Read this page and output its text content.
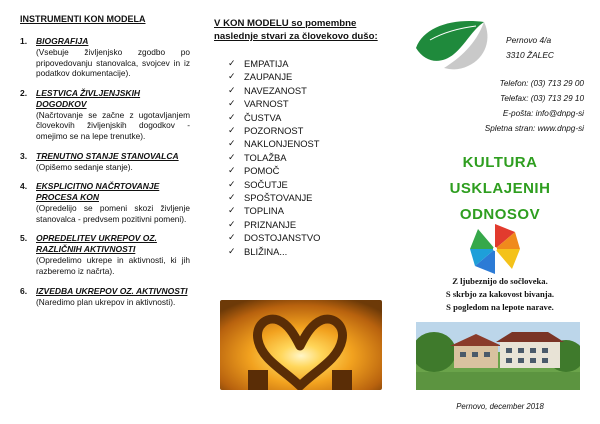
INSTRUMENTI KON MODELA
1.	BIOGRAFIJA
(Vsebuje življenjsko zgodbo po pripovedovanju stanovalca, svojcev in iz podatkov dokumentacije).
2.	LESTVICA ŽIVLJENJSKIH DOGODKOV
(Načrtovanje se začne z ugotavljanjem človekovih življenjskih dogodkov - omejimo se na lepe trenutke).
3.	TRENUTNO STANJE STANOVALCA
(Opišemo sedanje stanje).
4.	EKSPLICITNO NAČRTOVANJE PROCESA KON
(Opredelijo se pomeni skozi življenje stanovalca - predvsem pozitivni pomeni).
5.	OPREDELITEV UKREPOV OZ. RAZLIČNIH AKTIVNOSTI
(Opredelimo ukrepe in aktivnosti, ki jih razberemo iz načrta).
6.	IZVEDBA UKREPOV OZ. AKTIVNOSTI
(Naredimo plan ukrepov in aktivnosti).
V KON MODELU so pomembne naslednje stvari za človekovo dušo:
✓ EMPATIJA
✓ ZAUPANJE
✓ NAVEZANOST
✓ VARNOST
✓ ČUSTVA
✓ POZORNOST
✓ NAKLONJENOST
✓ TOLAŽBA
✓ POMOČ
✓ SOČUTJE
✓ SPOŠTOVANJE
✓ TOPLINA
✓ PRIZNANJE
✓ DOSTOJANSTVO
✓ BLIŽINA...
Pernovo 4/a
3310 ŽALEC
Telefon: (03) 713 29 00
Telefax: (03) 713 29 10
E-pošta: info@dnpg-si
Spletna stran: www.dnpg-si
KULTURA
USKLAJENIH
ODNOSOV
Z ljubeznijo do sočloveka.
S skrbjo za kakovost bivanja.
S pogledom na lepote narave.
Pernovo, december 2018
